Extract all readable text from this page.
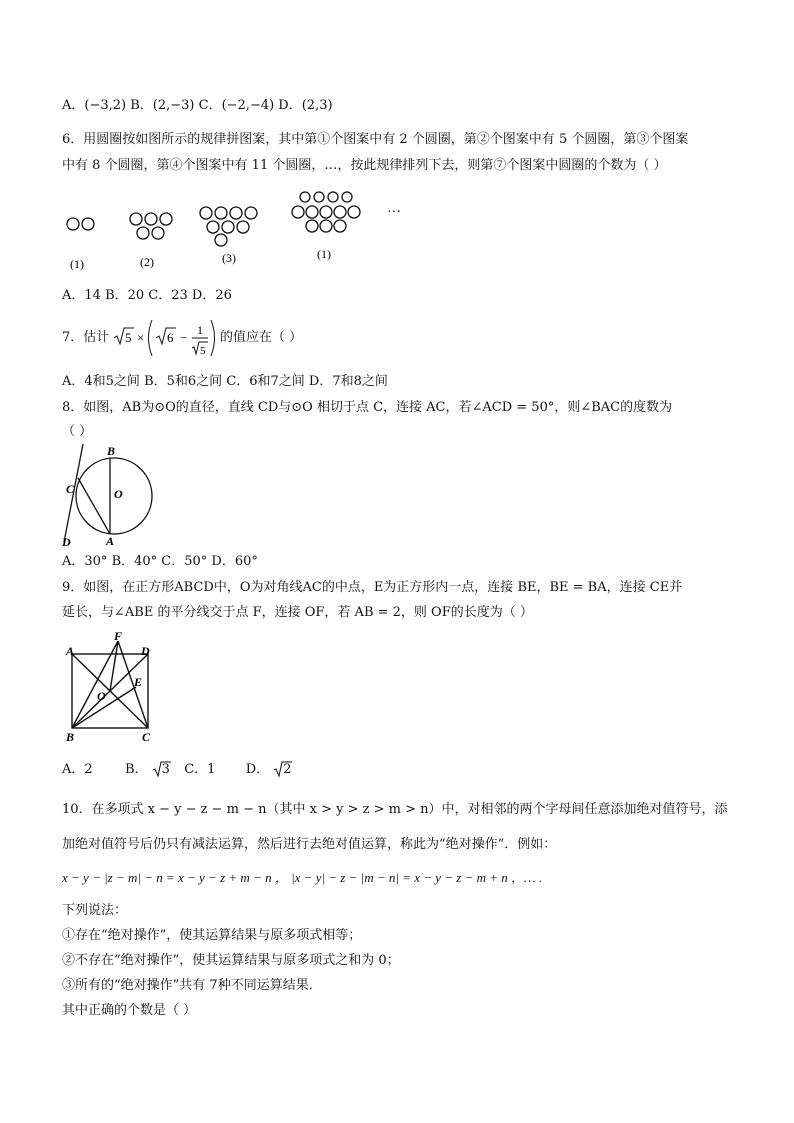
A．(−3,2) B．(2,−3) C．(−2,−4) D．(2,3)
6．用圆圈按如图所示的规律拼图案，其中第①个图案中有 2 个圆圈，第②个图案中有 5 个圆圈，第③个图案
中有 8 个圆圈，第④个图案中有 11 个圆圈，…，按此规律排列下去，则第⑦个图案中圆圈的个数为（ ）
(1)	(2)	(3)	(1)
···
A．14 B．20 C．23 D．26
7．估计 5 × 6 − 1
5
的值应在（ ）
A．4和5之间 B．5和6之间 C．6和7之间 D．7和8之间
8．如图，AB为⊙O的直径，直线 CD与⊙O 相切于点 C，连接 AC，若∠ACD = 50°，则∠BAC的度数为
（ ）
B
O
C
A
D
A．30° B．40° C．50° D．60°
9．如图，在正方形ABCD中，O为对角线AC的中点，E为正方形内一点，连接 BE，BE = BA，连接 CE并
延长，与∠ABE 的平分线交于点 F，连接 OF，若 AB = 2，则 OF的长度为（ ）
A	D
F
O
E
B	C
A．2 B． 3 C．1 D． 2
10．在多项式 x − y − z − m − n（其中 x > y > z > m > n）中，对相邻的两个字母间任意添加绝对值符号，添
加绝对值符号后仍只有减法运算，然后进行去绝对值运算，称此为“绝对操作”．例如：
x − y − |z − m| − n = x − y − z + m − n ， |x − y| − z − |m − n| = x − y − z − m + n ，… .
下列说法：
①存在“绝对操作”，使其运算结果与原多项式相等；
②不存在“绝对操作”，使其运算结果与原多项式之和为 0；
③所有的“绝对操作”共有 7种不同运算结果．
其中正确的个数是（ ）
